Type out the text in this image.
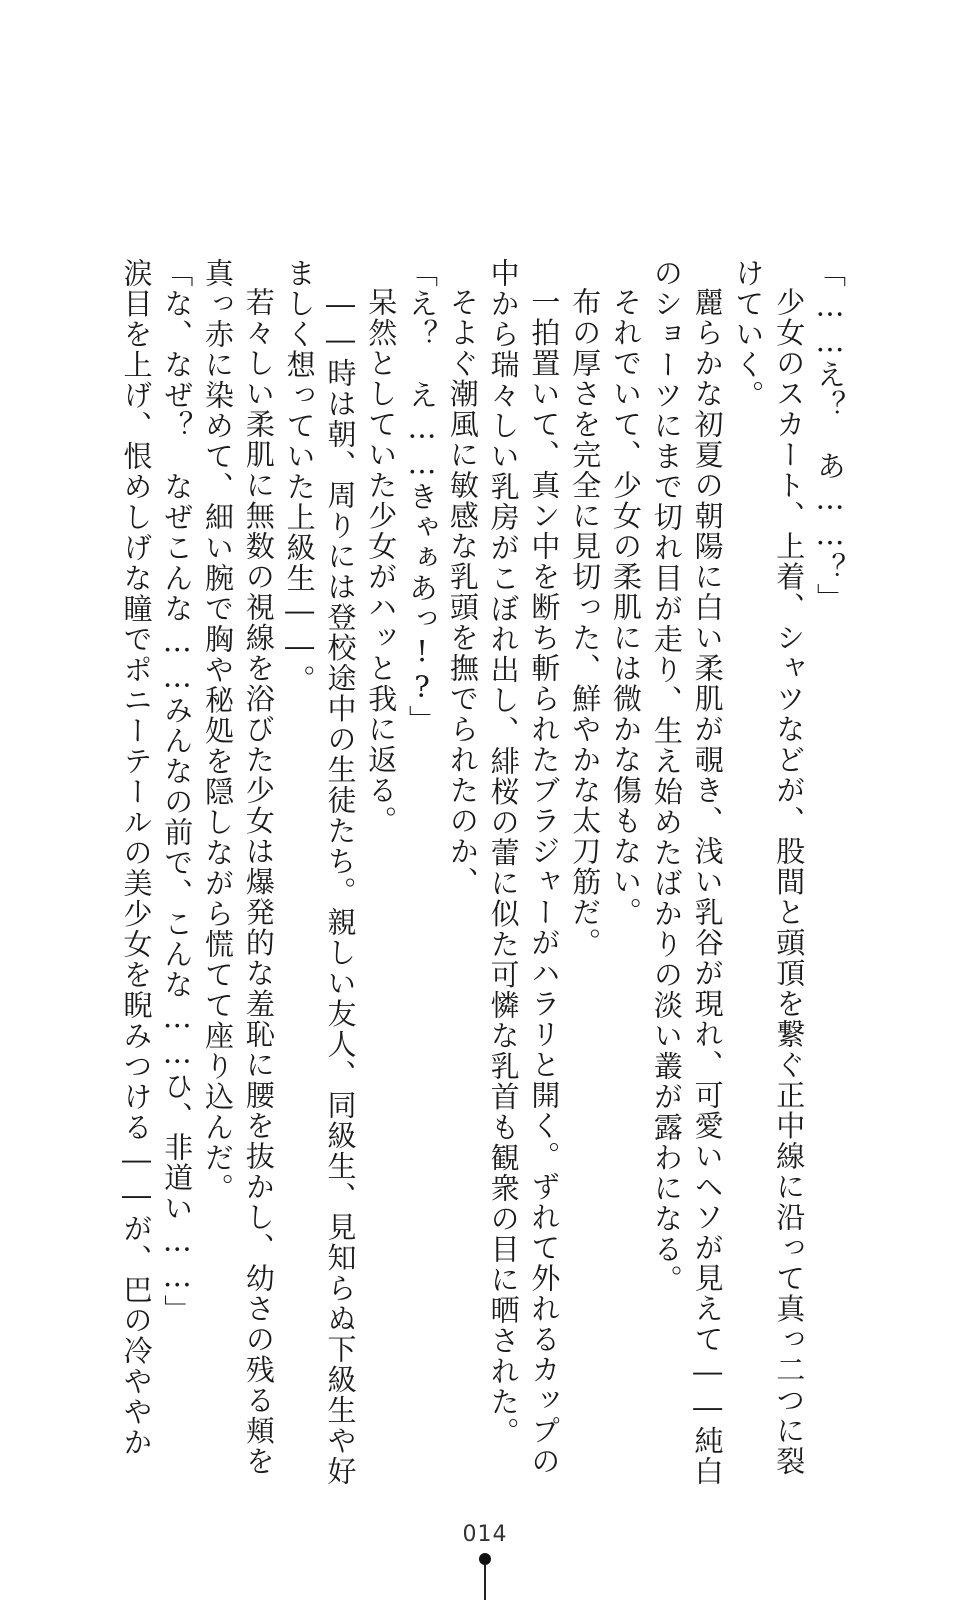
「……え？　あ……？」
少女のスカート、上着、シャツなどが、股間と頭頂を繋ぐ正中線に沿って真っ二つに裂
けていく。
麗らかな初夏の朝陽に白い柔肌が覗き、浅い乳谷が現れ、可愛いヘソが見えて――純白
のショーツにまで切れ目が走り、生え始めたばかりの淡い叢が露わになる。
それでいて、少女の柔肌には微かな傷もない。
布の厚さを完全に見切った、鮮やかな太刀筋だ。
一拍置いて、真ン中を断ち斬られたブラジャーがハラリと開く。ずれて外れるカップの
中から瑞々しい乳房がこぼれ出し、緋桜の蕾に似た可憐な乳首も観衆の目に晒された。
そよぐ潮風に敏感な乳頭を撫でられたのか、
「え？　え……きゃぁあっ!?」
呆然としていた少女がハッと我に返る。
――時は朝、周りには登校途中の生徒たち。親しい友人、同級生、見知らぬ下級生や好
ましく想っていた上級生――。
若々しい柔肌に無数の視線を浴びた少女は爆発的な羞恥に腰を抜かし、幼さの残る頬を
真っ赤に染めて、細い腕で胸や秘処を隠しながら慌てて座り込んだ。
「な、なぜ？　なぜこんな……みんなの前で、こんな……ひ、非道い……」
涙目を上げ、恨めしげな瞳でポニーテールの美少女を睨みつける――が、巴の冷ややか
014
